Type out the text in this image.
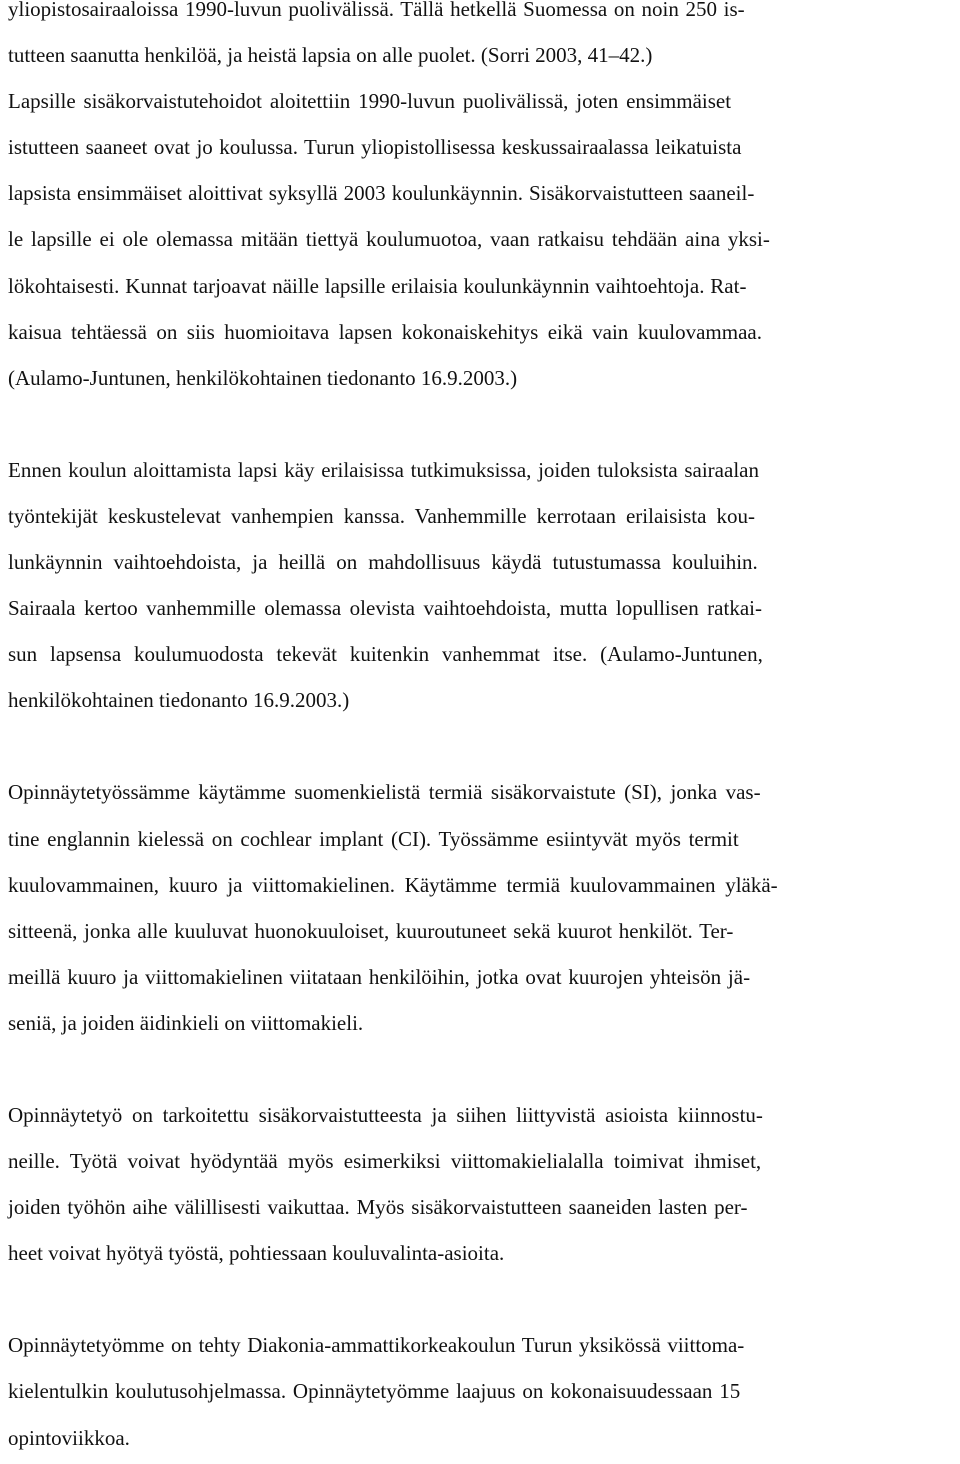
yliopistosairaaloissa 1990-luvun puolivälissä. Tällä hetkellä Suomessa on noin 250 is-
tutteen saanutta henkilöä, ja heistä lapsia on alle puolet. (Sorri 2003, 41–42.)
Lapsille sisäkorvaistutehoidot aloitettiin 1990-luvun puolivälissä, joten ensimmäiset
istutteen saaneet ovat jo koulussa. Turun yliopistollisessa keskussairaalassa leikatuista
lapsista ensimmäiset aloittivat syksyllä 2003 koulunkäynnin. Sisäkorvaistutteen saaneil-
le lapsille ei ole olemassa mitään tiettyä koulumuotoa, vaan ratkaisu tehdään aina yksi-
lökohtaisesti. Kunnat tarjoavat näille lapsille erilaisia koulunkäynnin vaihtoehtoja. Rat-
kaisua tehtäessä on siis huomioitava lapsen kokonaiskehitys eikä vain kuulovammaa.
(Aulamo-Juntunen, henkilökohtainen tiedonanto 16.9.2003.)
Ennen koulun aloittamista lapsi käy erilaisissa tutkimuksissa, joiden tuloksista sairaalan
työntekijät keskustelevat vanhempien kanssa. Vanhemmille kerrotaan erilaisista kou-
lunkäynnin vaihtoehdoista, ja heillä on mahdollisuus käydä tutustumassa kouluihin.
Sairaala kertoo vanhemmille olemassa olevista vaihtoehdoista, mutta lopullisen ratkai-
sun lapsensa koulumuodosta tekevät kuitenkin vanhemmat itse. (Aulamo-Juntunen,
henkilökohtainen tiedonanto 16.9.2003.)
Opinnäytetyössämme käytämme suomenkielistä termiä sisäkorvaistute (SI), jonka vas-
tine englannin kielessä on cochlear implant (CI). Työssämme esiintyvät myös termit
kuulovammainen, kuuro ja viittomakielinen. Käytämme termiä kuulovammainen yläkä-
sitteenä, jonka alle kuuluvat huonokuuloiset, kuuroutuneet sekä kuurot henkilöt. Ter-
meillä kuuro ja viittomakielinen viitataan henkilöihin, jotka ovat kuurojen yhteisön jä-
seniä, ja joiden äidinkieli on viittomakieli.
Opinnäytetyö on tarkoitettu sisäkorvaistutteesta ja siihen liittyvistä asioista kiinnostu-
neille. Työtä voivat hyödyntää myös esimerkiksi viittomakielialalla toimivat ihmiset,
joiden työhön aihe välillisesti vaikuttaa. Myös sisäkorvaistutteen saaneiden lasten per-
heet voivat hyötyä työstä, pohtiessaan kouluvalinta-asioita.
Opinnäytetyömme on tehty Diakonia-ammattikorkeakoulun Turun yksikössä viittoma-
kielentulkin koulutusohjelmassa. Opinnäytetyömme laajuus on kokonaisuudessaan 15
opintoviikkoa.
